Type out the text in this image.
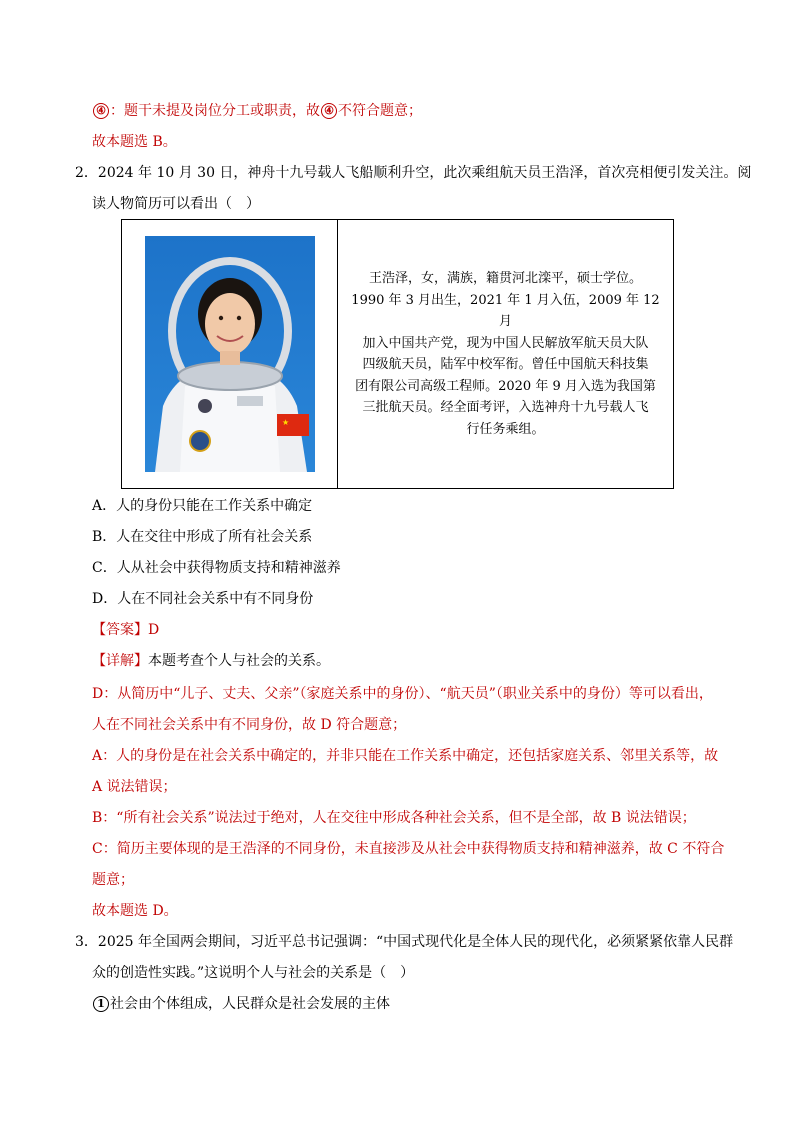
④ ：题干未提及岗位分工或职责，故 ④ 不符合题意；
故本题选 B。
2．2024 年 10 月 30 日，神舟十九号载人飞船顺利升空，此次乘组航天员王浩泽，首次亮相便引发关注。阅
读人物简历可以看出（　）
★

王浩泽，女，满族，籍贯河北滦平，硕士学位。
1990 年 3 月出生，2021 年 1 月入伍，2009 年 12 月
加入中国共产党，现为中国人民解放军航天员大队
四级航天员，陆军中校军衔。曾任中国航天科技集
团有限公司高级工程师。2020 年 9 月入选为我国第
三批航天员。经全面考评，入选神舟十九号载人飞
行任务乘组。
A．人的身份只能在工作关系中确定
B．人在交往中形成了所有社会关系
C．人从社会中获得物质支持和精神滋养
D．人在不同社会关系中有不同身份
【答案】D
【详解】本题考查个人与社会的关系。
D：从简历中“儿子、丈夫、父亲”（家庭关系中的身份）、“航天员”（职业关系中的身份）等可以看出，
人在不同社会关系中有不同身份，故 D 符合题意；
A：人的身份是在社会关系中确定的，并非只能在工作关系中确定，还包括家庭关系、邻里关系等，故
A 说法错误；
B：“所有社会关系”说法过于绝对，人在交往中形成各种社会关系，但不是全部，故 B 说法错误；
C：简历主要体现的是王浩泽的不同身份，未直接涉及从社会中获得物质支持和精神滋养，故 C 不符合
题意；
故本题选 D。
3．2025 年全国两会期间，习近平总书记强调：“中国式现代化是全体人民的现代化，必须紧紧依靠人民群
众的创造性实践。”这说明个人与社会的关系是（　）
1 社会由个体组成，人民群众是社会发展的主体
